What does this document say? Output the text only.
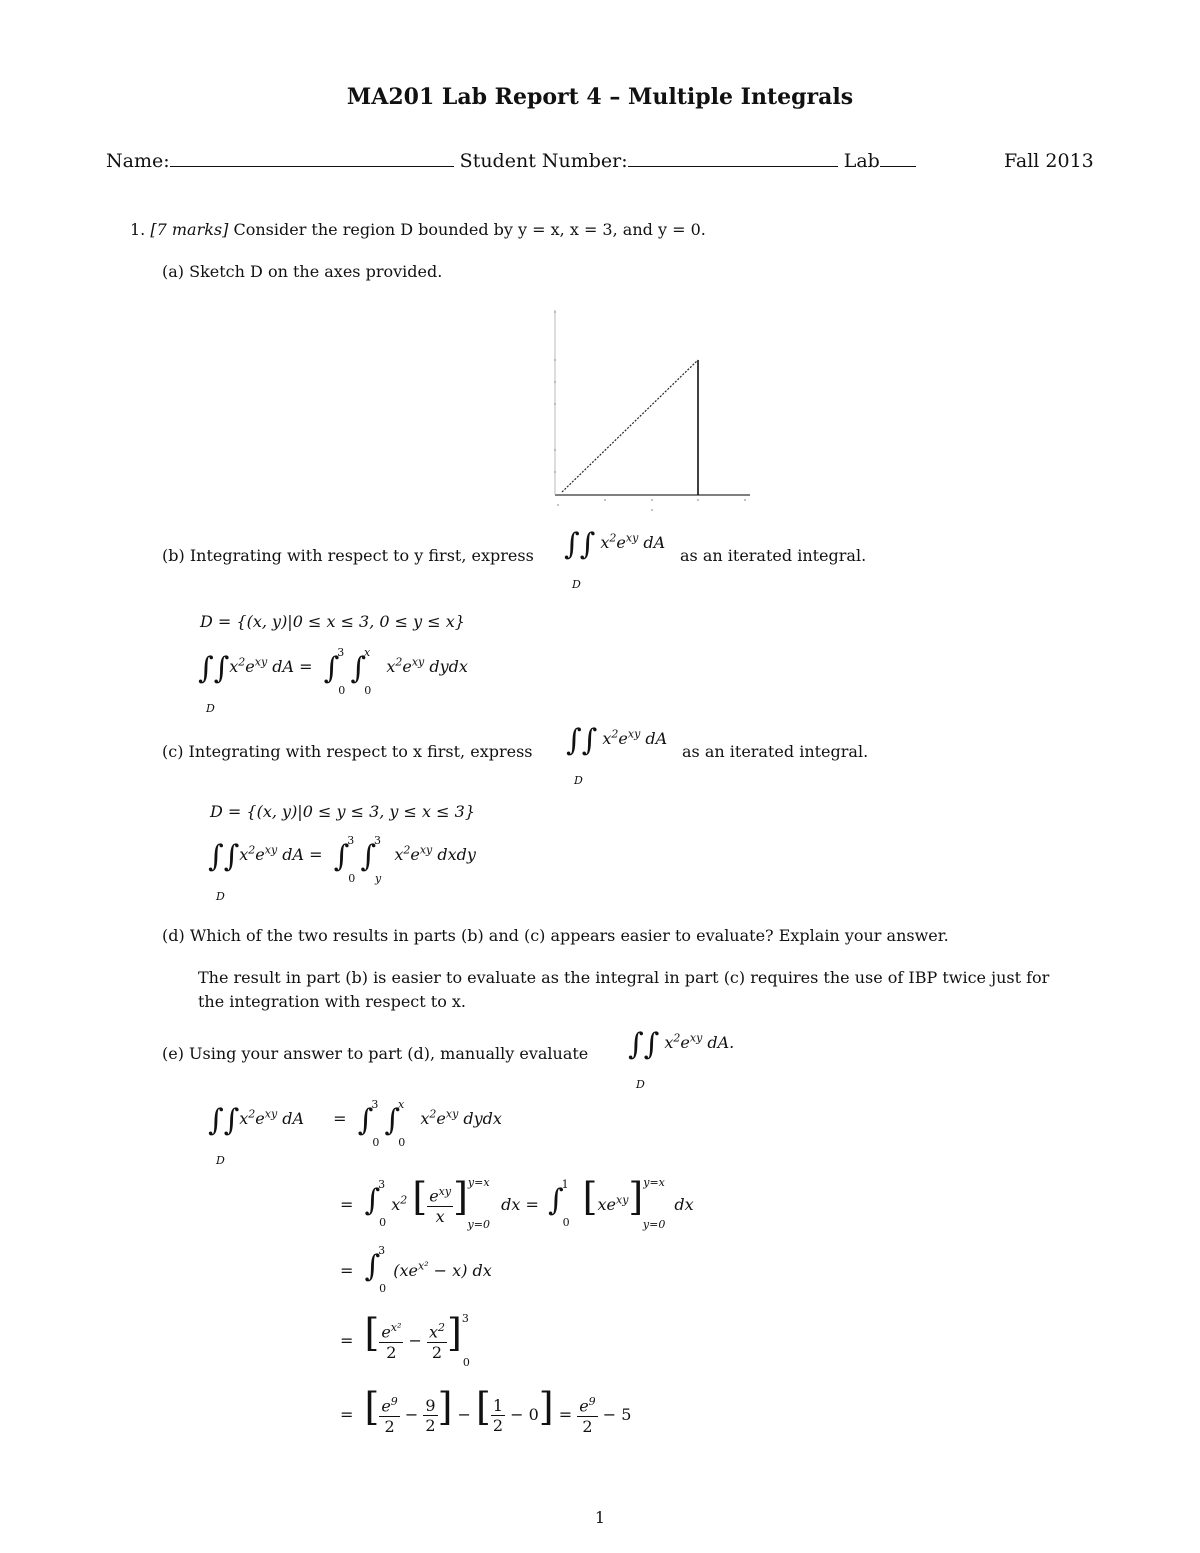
MA201 Lab Report 4 – Multiple Integrals
Name:	Student Number:	Lab	Fall 2013
1. [7 marks] Consider the region D bounded by y = x, x = 3, and y = 0.
(a) Sketch D on the axes provided.
(b) Integrating with respect to y first, express ∫∫ $x^2e^{xy}$ dA
D
as an iterated integral.
D = {(x, y)|0 ≤ x ≤ 3, 0 ≤ y ≤ x}
$\int\int x^2e^{xy}$ dA = ∫$^3_0$ ∫$^x_0$ $x^2e^{xy}$ dydx
D
(c) Integrating with respect to x first, express ∫∫ $x^2e^{xy}$ dA
D
as an iterated integral.
D = {(x, y)|0 ≤ y ≤ 3, y ≤ x ≤ 3}
$\int\int x^2e^{xy}$ dA = ∫$^3_0$ ∫$^3_y$ $x^2e^{xy}$ dxdy
D
(d) Which of the two results in parts (b) and (c) appears easier to evaluate? Explain your answer.
The result in part (b) is easier to evaluate as the integral in part (c) requires the use of IBP twice just for
the integration with respect to x.
(e) Using your answer to part (d), manually evaluate ∫∫ $x^2e^{xy}$ dA.
D
$\int\int x^2e^{xy}$ dA = ∫$^3_0$ ∫$^x_0$ $x^2e^{xy}$ dydx
D
= ∫$^3_0$ $x^2$ [ $\frac{e^{xy}}{x} ]^{y=x}_{y=0}$ dx = ∫$^1_0$ $[xe^{xy}]^{y=x}_{y=0}$ dx
= ∫$^3_0$ $(xe^{x^2} - x)$ dx
= [ $\frac{e^{x^2}}{2} - \frac{x^2}{2} ]^3_0$
= [ $\frac{e^9}{2} - \frac{9}{2}$ ] − [ $\frac{1}{2} - 0] = \frac{e^9}{2} - 5$
1
